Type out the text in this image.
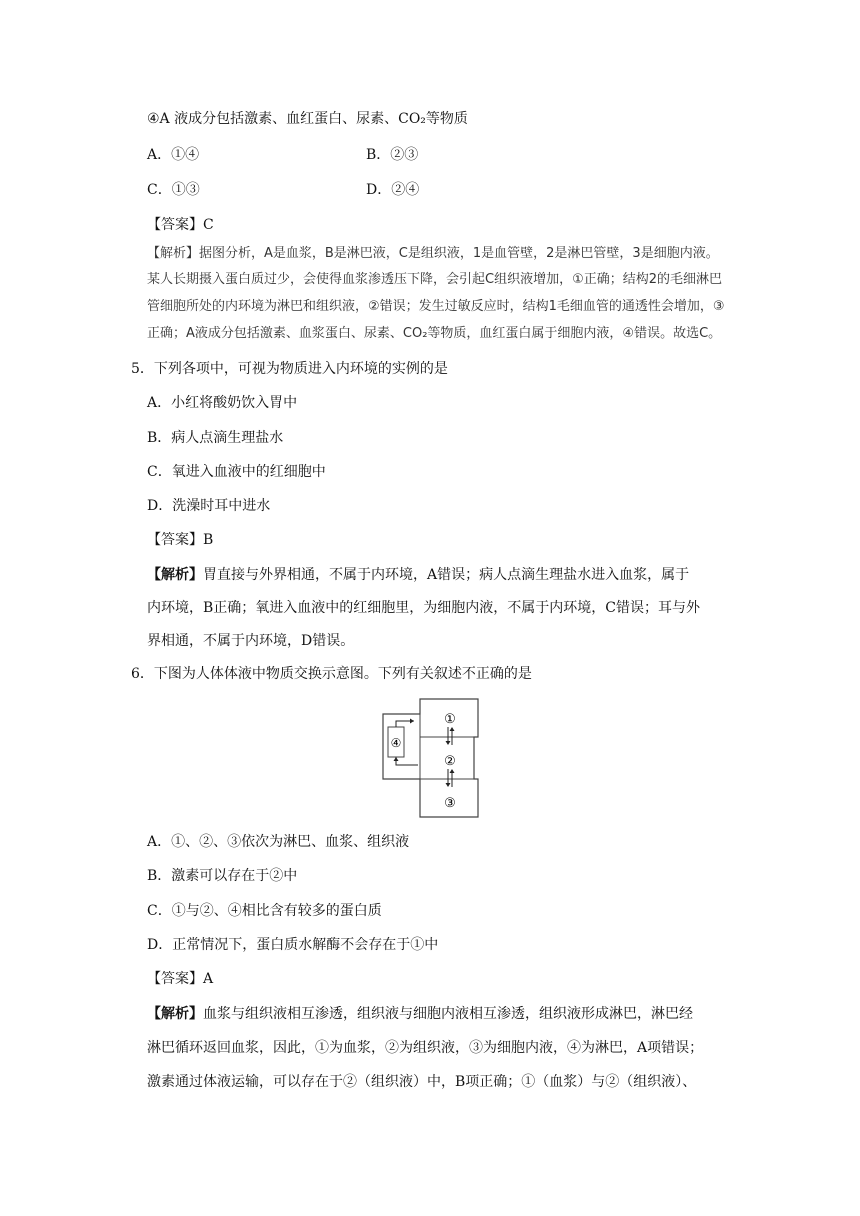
④A 液成分包括激素、血红蛋白、尿素、CO₂等物质
A．①④	B．②③
C．①③	D．②④
【答案】C
【解析】据图分析，A是血浆，B是淋巴液，C是组织液，1是血管壁，2是淋巴管壁，3是细胞内液。
某人长期摄入蛋白质过少，会使得血浆渗透压下降，会引起C组织液增加，①正确；结构2的毛细淋巴
管细胞所处的内环境为淋巴和组织液，②错误；发生过敏反应时，结构1毛细血管的通透性会增加，③
正确；A液成分包括激素、血浆蛋白、尿素、CO₂等物质，血红蛋白属于细胞内液，④错误。故选C。
5．下列各项中，可视为物质进入内环境的实例的是
A．小红将酸奶饮入胃中
B．病人点滴生理盐水
C．氧进入血液中的红细胞中
D．洗澡时耳中进水
【答案】B
【解析】胃直接与外界相通，不属于内环境，A错误；病人点滴生理盐水进入血浆，属于
内环境，B正确；氧进入血液中的红细胞里，为细胞内液，不属于内环境，C错误；耳与外
界相通，不属于内环境，D错误。
6．下图为人体体液中物质交换示意图。下列有关叙述不正确的是
①
②
③
④
A．①、②、③依次为淋巴、血浆、组织液
B．激素可以存在于②中
C．①与②、④相比含有较多的蛋白质
D．正常情况下，蛋白质水解酶不会存在于①中
【答案】A
【解析】血浆与组织液相互渗透，组织液与细胞内液相互渗透，组织液形成淋巴，淋巴经
淋巴循环返回血浆，因此，①为血浆，②为组织液，③为细胞内液，④为淋巴，A项错误；
激素通过体液运输，可以存在于②（组织液）中，B项正确；①（血浆）与②（组织液）、
